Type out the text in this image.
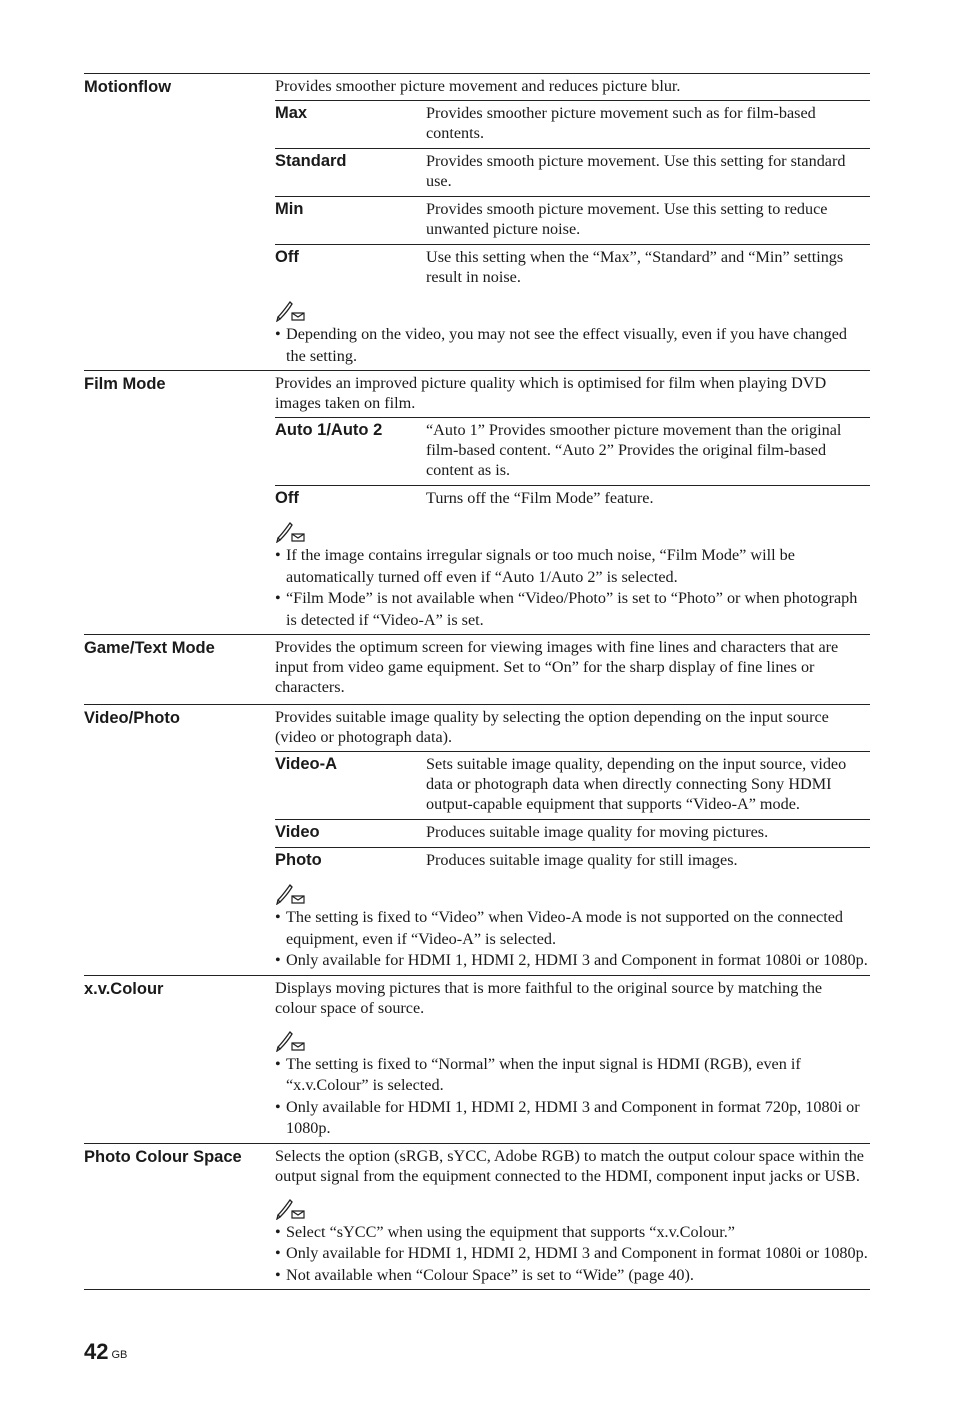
Motionflow	Provides smoother picture movement and reduces picture blur.
Max	Provides smoother picture movement such as for film-based contents.
Standard	Provides smooth picture movement. Use this setting for standard use.
Min	Provides smooth picture movement. Use this setting to reduce unwanted picture noise.
Off	Use this setting when the “Max”, “Standard” and “Min” settings result in noise.
• Depending on the video, you may not see the effect visually, even if you have changed the setting.
Film Mode	Provides an improved picture quality which is optimised for film when playing DVD images taken on film.
Auto 1/Auto 2	“Auto 1” Provides smoother picture movement than the original film-based content. “Auto 2” Provides the original film-based content as is.
Off	Turns off the “Film Mode” feature.
• If the image contains irregular signals or too much noise, “Film Mode” will be automatically turned off even if “Auto 1/Auto 2” is selected.
• “Film Mode” is not available when “Video/Photo” is set to “Photo” or when photograph is detected if “Video-A” is set.
Game/Text Mode	Provides the optimum screen for viewing images with fine lines and characters that are input from video game equipment. Set to “On” for the sharp display of fine lines or characters.
Video/Photo	Provides suitable image quality by selecting the option depending on the input source (video or photograph data).
Video-A	Sets suitable image quality, depending on the input source, video data or photograph data when directly connecting Sony HDMI output-capable equipment that supports “Video-A” mode.
Video	Produces suitable image quality for moving pictures.
Photo	Produces suitable image quality for still images.
• The setting is fixed to “Video” when Video-A mode is not supported on the connected equipment, even if “Video-A” is selected.
• Only available for HDMI 1, HDMI 2, HDMI 3 and Component in format 1080i or 1080p.
x.v.Colour	Displays moving pictures that is more faithful to the original source by matching the colour space of source.
• The setting is fixed to “Normal” when the input signal is HDMI (RGB), even if “x.v.Colour” is selected.
• Only available for HDMI 1, HDMI 2, HDMI 3 and Component in format 720p, 1080i or 1080p.
Photo Colour Space	Selects the option (sRGB, sYCC, Adobe RGB) to match the output colour space within the output signal from the equipment connected to the HDMI, component input jacks or USB.
• Select “sYCC” when using the equipment that supports “x.v.Colour.”
• Only available for HDMI 1, HDMI 2, HDMI 3 and Component in format 1080i or 1080p.
• Not available when “Colour Space” is set to “Wide” (page 40).
42 $^{GB}$
